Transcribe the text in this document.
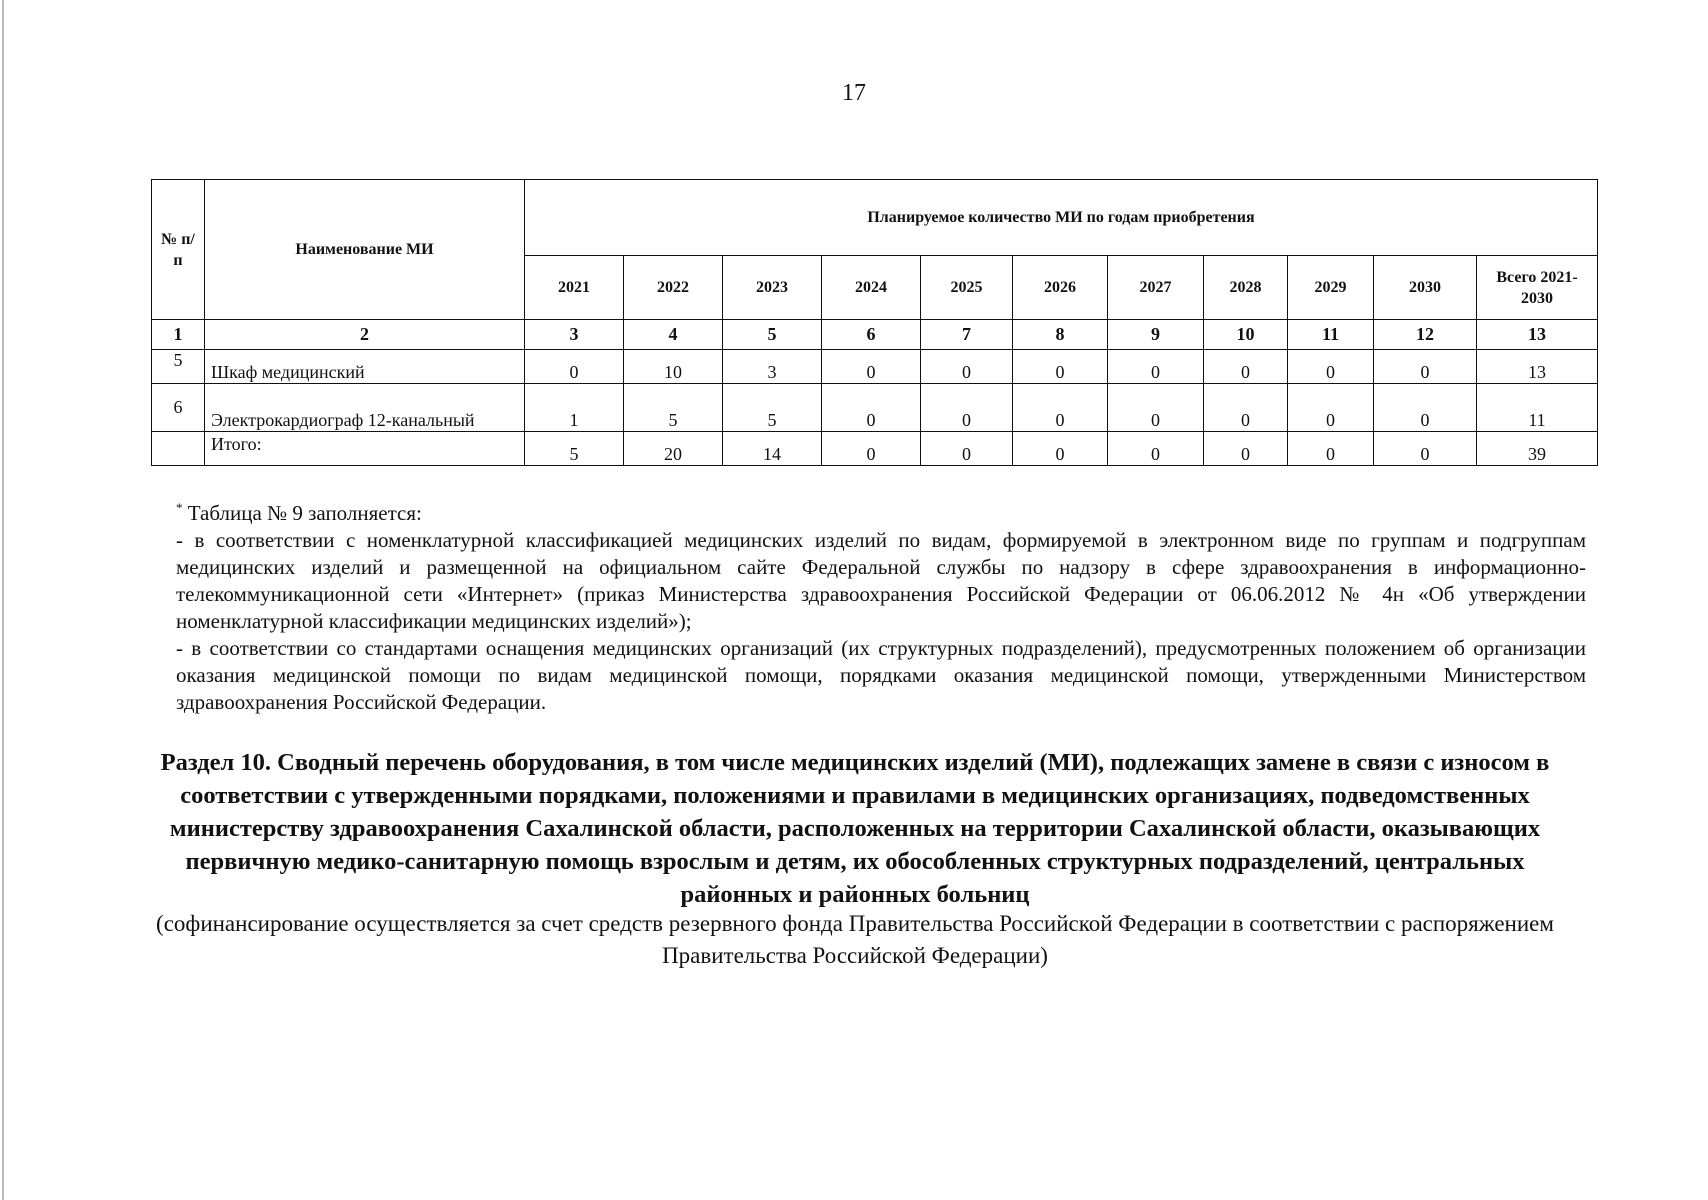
17
№ п/п	Наименование МИ	Планируемое количество МИ по годам приобретения										
		2021	2022	2023	2024	2025	2026	2027	2028	2029	2030	Всего 2021-2030
1	2	3	4	5	6	7	8	9	10	11	12	13
5	Шкаф медицинский	0	10	3	0	0	0	0	0	0	0	13
6	Электрокардиограф 12-канальный	1	5	5	0	0	0	0	0	0	0	11
	Итого:	5	20	14	0	0	0	0	0	0	0	39

* Таблица № 9 заполняется:

- в соответствии с номенклатурной классификацией медицинских изделий по видам, формируемой в электронном виде по группам и подгруппам медицинских изделий и размещенной на официальном сайте Федеральной службы по надзору в сфере здравоохранения в информационно-телекоммуникационной сети «Интернет» (приказ Министерства здравоохранения Российской Федерации от 06.06.2012 № 4н «Об утверждении номенклатурной классификации медицинских изделий»);

- в соответствии со стандартами оснащения медицинских организаций (их структурных подразделений), предусмотренных положением об организации оказания медицинской помощи по видам медицинской помощи, порядками оказания медицинской помощи, утвержденными Министерством здравоохранения Российской Федерации.

Раздел 10. Сводный перечень оборудования, в том числе медицинских изделий (МИ), подлежащих замене в связи с износом в соответствии с утвержденными порядками, положениями и правилами в медицинских организациях, подведомственных министерству здравоохранения Сахалинской области, расположенных на территории Сахалинской области, оказывающих первичную медико-санитарную помощь взрослым и детям, их обособленных структурных подразделений, центральных районных и районных больниц
(софинансирование осуществляется за счет средств резервного фонда Правительства Российской Федерации в соответствии с распоряжением Правительства Российской Федерации)
